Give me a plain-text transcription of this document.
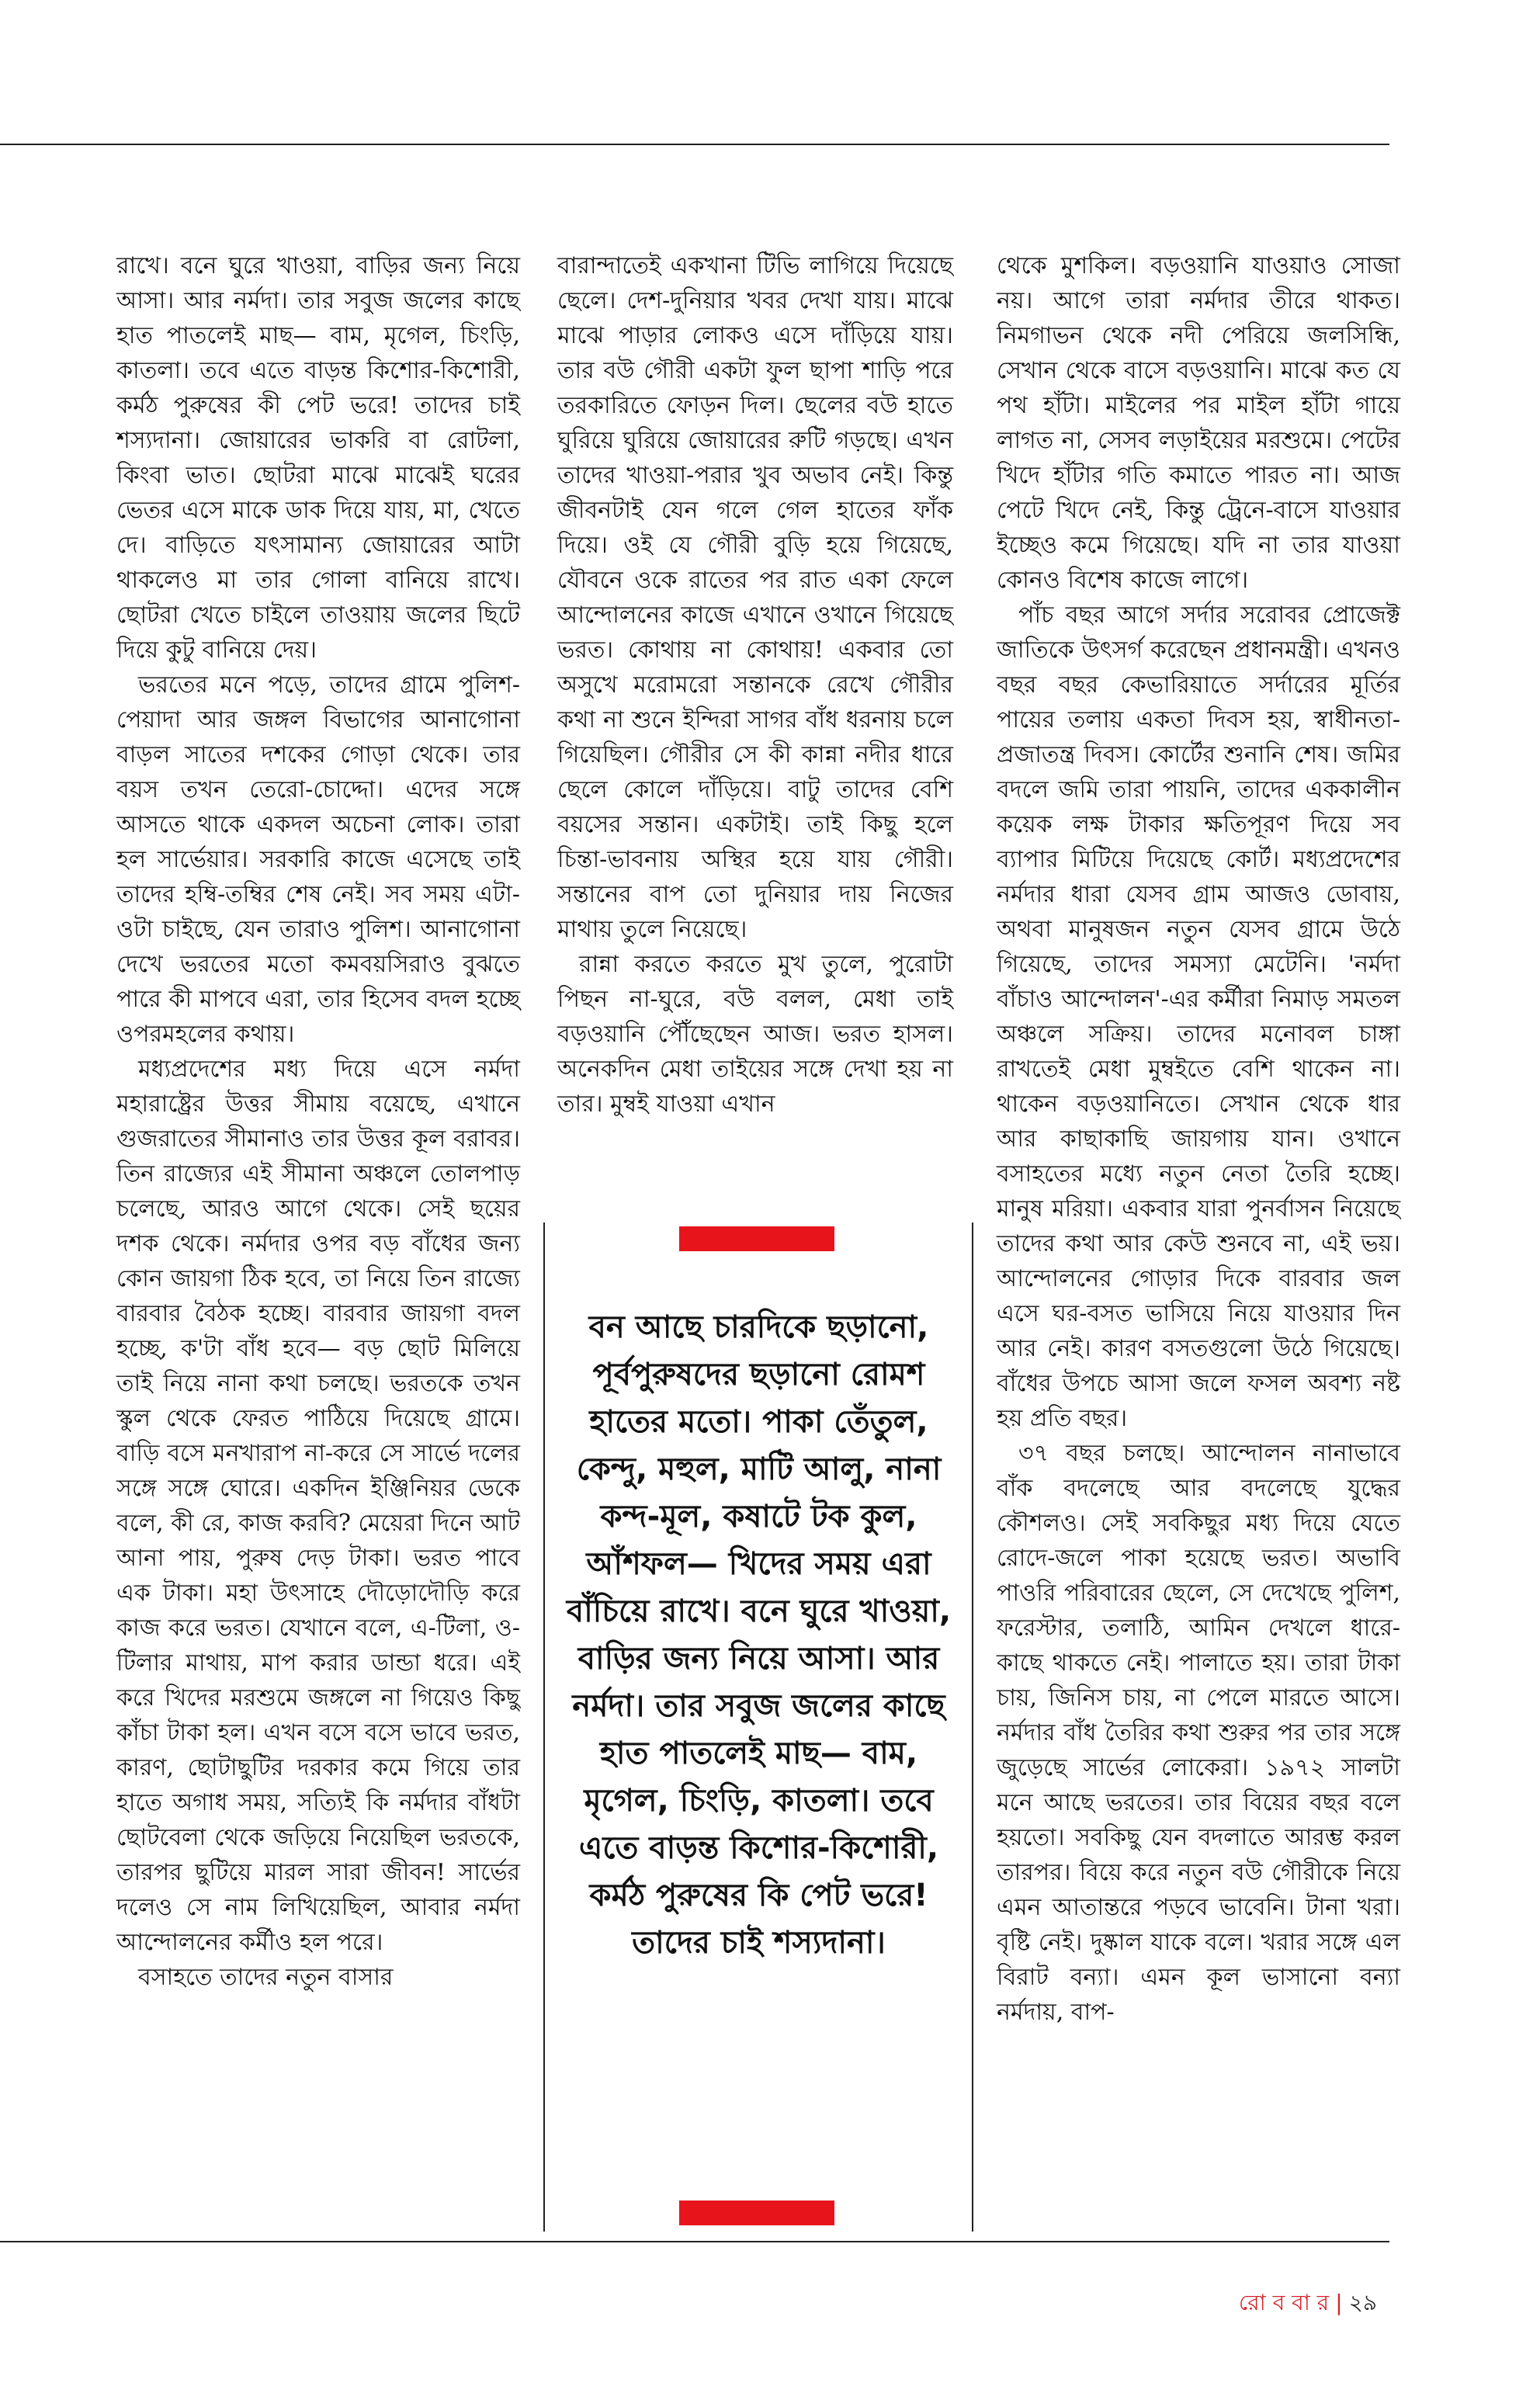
রাখে। বনে ঘুরে খাওয়া, বাড়ির জন্য নিয়ে আসা। আর নর্মদা। তার সবুজ জলের কাছে হাত পাতলেই মাছ— বাম, মৃগেল, চিংড়ি, কাতলা। তবে এতে বাড়ন্ত কিশোর-কিশোরী, কর্মঠ পুরুষের কী পেট ভরে! তাদের চাই শস্যদানা। জোয়ারের ভাকরি বা রোটলা, কিংবা ভাত। ছোটরা মাঝে মাঝেই ঘরের ভেতর এসে মাকে ডাক দিয়ে যায়, মা, খেতে দে। বাড়িতে যৎসামান্য জোয়ারের আটা থাকলেও মা তার গোলা বানিয়ে রাখে। ছোটরা খেতে চাইলে তাওয়ায় জলের ছিটে দিয়ে কুটু বানিয়ে দেয়।

ভরতের মনে পড়ে, তাদের গ্রামে পুলিশ-পেয়াদা আর জঙ্গল বিভাগের আনাগোনা বাড়ল সাতের দশকের গোড়া থেকে। তার বয়স তখন তেরো-চোদ্দো। এদের সঙ্গে আসতে থাকে একদল অচেনা লোক। তারা হল সার্ভেয়ার। সরকারি কাজে এসেছে তাই তাদের হম্বি-তম্বির শেষ নেই। সব সময় এটা-ওটা চাইছে, যেন তারাও পুলিশ। আনাগোনা দেখে ভরতের মতো কমবয়সিরাও বুঝতে পারে কী মাপবে এরা, তার হিসেব বদল হচ্ছে ওপরমহলের কথায়।

মধ্যপ্রদেশের মধ্য দিয়ে এসে নর্মদা মহারাষ্ট্রের উত্তর সীমায় বয়েছে, এখানে গুজরাতের সীমানাও তার উত্তর কূল বরাবর। তিন রাজ্যের এই সীমানা অঞ্চলে তোলপাড় চলেছে, আরও আগে থেকে। সেই ছয়ের দশক থেকে। নর্মদার ওপর বড় বাঁধের জন্য কোন জায়গা ঠিক হবে, তা নিয়ে তিন রাজ্যে বারবার বৈঠক হচ্ছে। বারবার জায়গা বদল হচ্ছে, ক'টা বাঁধ হবে— বড় ছোট মিলিয়ে তাই নিয়ে নানা কথা চলছে। ভরতকে তখন স্কুল থেকে ফেরত পাঠিয়ে দিয়েছে গ্রামে। বাড়ি বসে মনখারাপ না-করে সে সার্ভে দলের সঙ্গে সঙ্গে ঘোরে। একদিন ইঞ্জিনিয়র ডেকে বলে, কী রে, কাজ করবি? মেয়েরা দিনে আট আনা পায়, পুরুষ দেড় টাকা। ভরত পাবে এক টাকা। মহা উৎসাহে দৌড়োদৌড়ি করে কাজ করে ভরত। যেখানে বলে, এ-টিলা, ও-টিলার মাথায়, মাপ করার ডান্ডা ধরে। এই করে খিদের মরশুমে জঙ্গলে না গিয়েও কিছু কাঁচা টাকা হল। এখন বসে বসে ভাবে ভরত, কারণ, ছোটাছুটির দরকার কমে গিয়ে তার হাতে অগাধ সময়, সত্যিই কি নর্মদার বাঁধটা ছোটবেলা থেকে জড়িয়ে নিয়েছিল ভরতকে, তারপর ছুটিয়ে মারল সারা জীবন! সার্ভের দলেও সে নাম লিখিয়েছিল, আবার নর্মদা আন্দোলনের কর্মীও হল পরে।

বসাহতে তাদের নতুন বাসার

বারান্দাতেই একখানা টিভি লাগিয়ে দিয়েছে ছেলে। দেশ-দুনিয়ার খবর দেখা যায়। মাঝে মাঝে পাড়ার লোকও এসে দাঁড়িয়ে যায়। তার বউ গৌরী একটা ফুল ছাপা শাড়ি পরে তরকারিতে ফোড়ন দিল। ছেলের বউ হাতে ঘুরিয়ে ঘুরিয়ে জোয়ারের রুটি গড়ছে। এখন তাদের খাওয়া-পরার খুব অভাব নেই। কিন্তু জীবনটাই যেন গলে গেল হাতের ফাঁক দিয়ে। ওই যে গৌরী বুড়ি হয়ে গিয়েছে, যৌবনে ওকে রাতের পর রাত একা ফেলে আন্দোলনের কাজে এখানে ওখানে গিয়েছে ভরত। কোথায় না কোথায়! একবার তো অসুখে মরোমরো সন্তানকে রেখে গৌরীর কথা না শুনে ইন্দিরা সাগর বাঁধ ধরনায় চলে গিয়েছিল। গৌরীর সে কী কান্না নদীর ধারে ছেলে কোলে দাঁড়িয়ে। বাটু তাদের বেশি বয়সের সন্তান। একটাই। তাই কিছু হলে চিন্তা-ভাবনায় অস্থির হয়ে যায় গৌরী। সন্তানের বাপ তো দুনিয়ার দায় নিজের মাথায় তুলে নিয়েছে।

রান্না করতে করতে মুখ তুলে, পুরোটা পিছন না-ঘুরে, বউ বলল, মেধা তাই বড়ওয়ানি পৌঁছেছেন আজ। ভরত হাসল। অনেকদিন মেধা তাইয়ের সঙ্গে দেখা হয় না তার। মুম্বই যাওয়া এখান

বন আছে চারদিকে ছড়ানো, পূর্বপুরুষদের ছড়ানো রোমশ হাতের মতো। পাকা তেঁতুল, কেন্দু, মহুল, মাটি আলু, নানা কন্দ-মূল, কষাটে টক কুল, আঁশফল— খিদের সময় এরা বাঁচিয়ে রাখে। বনে ঘুরে খাওয়া, বাড়ির জন্য নিয়ে আসা। আর নর্মদা। তার সবুজ জলের কাছে হাত পাতলেই মাছ— বাম, মৃগেল, চিংড়ি, কাতলা। তবে এতে বাড়ন্ত কিশোর-কিশোরী, কর্মঠ পুরুষের কি পেট ভরে! তাদের চাই শস্যদানা।

থেকে মুশকিল। বড়ওয়ানি যাওয়াও সোজা নয়। আগে তারা নর্মদার তীরে থাকত। নিমগাভন থেকে নদী পেরিয়ে জলসিন্ধি, সেখান থেকে বাসে বড়ওয়ানি। মাঝে কত যে পথ হাঁটা। মাইলের পর মাইল হাঁটা গায়ে লাগত না, সেসব লড়াইয়ের মরশুমে। পেটের খিদে হাঁটার গতি কমাতে পারত না। আজ পেটে খিদে নেই, কিন্তু ট্রেনে-বাসে যাওয়ার ইচ্ছেও কমে গিয়েছে। যদি না তার যাওয়া কোনও বিশেষ কাজে লাগে।

পাঁচ বছর আগে সর্দার সরোবর প্রোজেক্ট জাতিকে উৎসর্গ করেছেন প্রধানমন্ত্রী। এখনও বছর বছর কেভারিয়াতে সর্দারের মূর্তির পায়ের তলায় একতা দিবস হয়, স্বাধীনতা-প্রজাতন্ত্র দিবস। কোর্টের শুনানি শেষ। জমির বদলে জমি তারা পায়নি, তাদের এককালীন কয়েক লক্ষ টাকার ক্ষতিপূরণ দিয়ে সব ব্যাপার মিটিয়ে দিয়েছে কোর্ট। মধ্যপ্রদেশের নর্মদার ধারা যেসব গ্রাম আজও ডোবায়, অথবা মানুষজন নতুন যেসব গ্রামে উঠে গিয়েছে, তাদের সমস্যা মেটেনি। 'নর্মদা বাঁচাও আন্দোলন'-এর কর্মীরা নিমাড় সমতল অঞ্চলে সক্রিয়। তাদের মনোবল চাঙ্গা রাখতেই মেধা মুম্বইতে বেশি থাকেন না। থাকেন বড়ওয়ানিতে। সেখান থেকে ধার আর কাছাকাছি জায়গায় যান। ওখানে বসাহতের মধ্যে নতুন নেতা তৈরি হচ্ছে। মানুষ মরিয়া। একবার যারা পুনর্বাসন নিয়েছে তাদের কথা আর কেউ শুনবে না, এই ভয়। আন্দোলনের গোড়ার দিকে বারবার জল এসে ঘর-বসত ভাসিয়ে নিয়ে যাওয়ার দিন আর নেই। কারণ বসতগুলো উঠে গিয়েছে। বাঁধের উপচে আসা জলে ফসল অবশ্য নষ্ট হয় প্রতি বছর।

৩৭ বছর চলছে। আন্দোলন নানাভাবে বাঁক বদলেছে আর বদলেছে যুদ্ধের কৌশলও। সেই সবকিছুর মধ্য দিয়ে যেতে রোদে-জলে পাকা হয়েছে ভরত। অভাবি পাওরি পরিবারের ছেলে, সে দেখেছে পুলিশ, ফরেস্টার, তলাঠি, আমিন দেখলে ধারে-কাছে থাকতে নেই। পালাতে হয়। তারা টাকা চায়, জিনিস চায়, না পেলে মারতে আসে। নর্মদার বাঁধ তৈরির কথা শুরুর পর তার সঙ্গে জুড়েছে সার্ভের লোকেরা। ১৯৭২ সালটা মনে আছে ভরতের। তার বিয়ের বছর বলে হয়তো। সবকিছু যেন বদলাতে আরম্ভ করল তারপর। বিয়ে করে নতুন বউ গৌরীকে নিয়ে এমন আতান্তরে পড়বে ভাবেনি। টানা খরা। বৃষ্টি নেই। দুষ্কাল যাকে বলে। খরার সঙ্গে এল বিরাট বন্যা। এমন কূল ভাসানো বন্যা নর্মদায়, বাপ-

রো ব বা র | ২৯
